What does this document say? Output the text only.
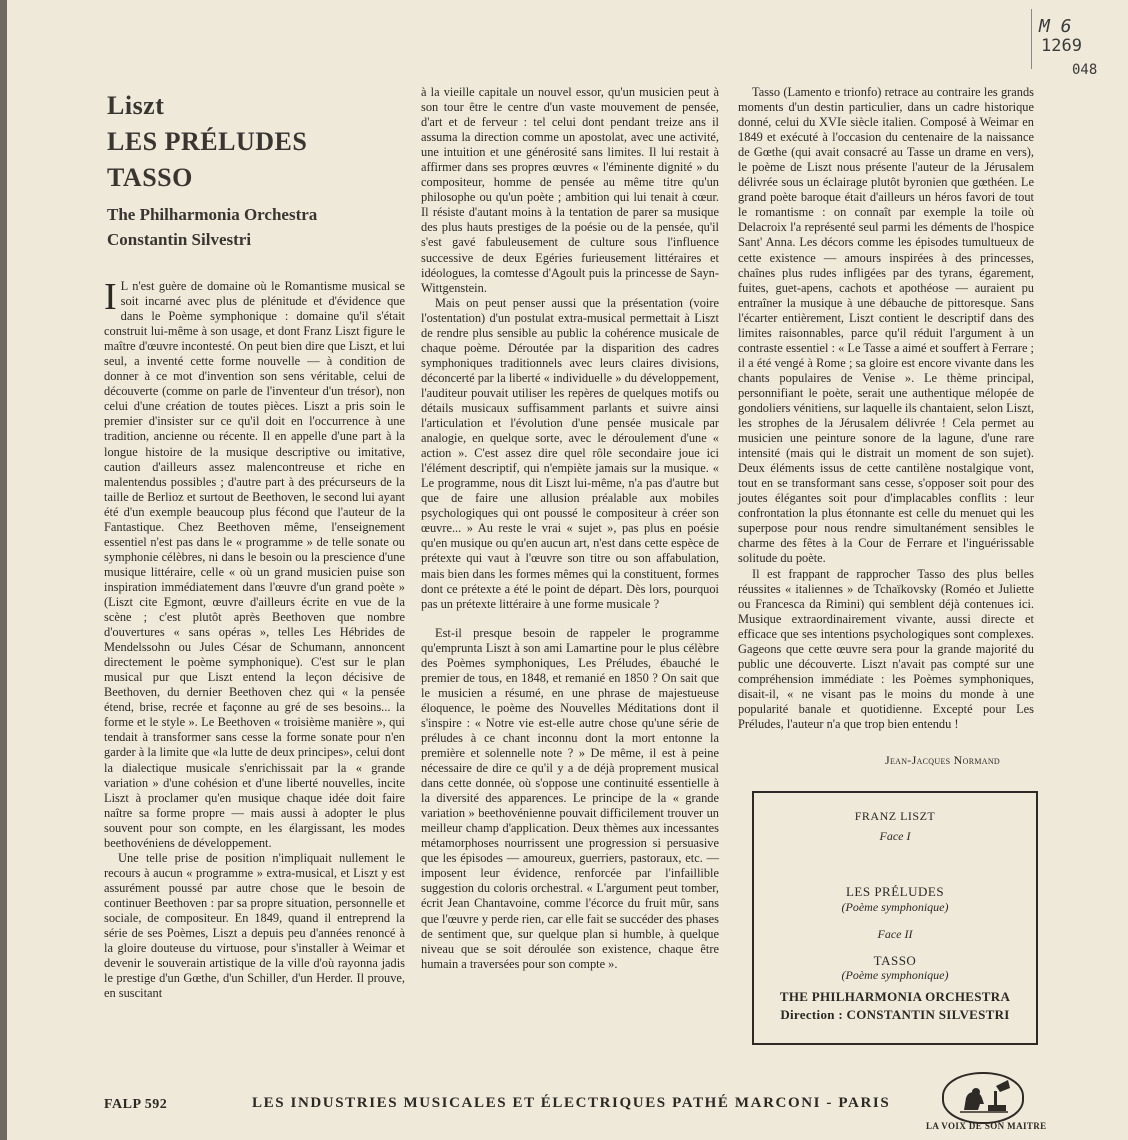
M 6
1269
048
Liszt
LES PRÉLUDES
TASSO
The Philharmonia Orchestra
Constantin Silvestri

I L n'est guère de domaine où le Romantisme musical se soit incarné avec plus de plénitude et d'évidence que dans le Poème symphonique : domaine qu'il s'était construit lui-même à son usage, et dont Franz Liszt figure le maître d'œuvre incontesté. On peut bien dire que Liszt, et lui seul, a inventé cette forme nouvelle — à condition de donner à ce mot d'invention son sens véritable, celui de découverte (comme on parle de l'inventeur d'un trésor), non celui d'une création de toutes pièces. Liszt a pris soin le premier d'insister sur ce qu'il doit en l'occurrence à une tradition, ancienne ou récente. Il en appelle d'une part à la longue histoire de la musique descriptive ou imitative, caution d'ailleurs assez malencontreuse et riche en malentendus possibles ; d'autre part à des précurseurs de la taille de Berlioz et surtout de Beethoven, le second lui ayant été d'un exemple beaucoup plus fécond que l'auteur de la Fantastique. Chez Beethoven même, l'enseignement essentiel n'est pas dans le « programme » de telle sonate ou symphonie célèbres, ni dans le besoin ou la prescience d'une musique littéraire, celle « où un grand musicien puise son inspiration immédiatement dans l'œuvre d'un grand poète » (Liszt cite Egmont, œuvre d'ailleurs écrite en vue de la scène ; c'est plutôt après Beethoven que nombre d'ouvertures « sans opéras », telles Les Hébrides de Mendelssohn ou Jules César de Schumann, annoncent directement le poème symphonique). C'est sur le plan musical pur que Liszt entend la leçon décisive de Beethoven, du dernier Beethoven chez qui « la pensée étend, brise, recrée et façonne au gré de ses besoins... la forme et le style ». Le Beethoven « troisième manière », qui tendait à transformer sans cesse la forme sonate pour n'en garder à la limite que «la lutte de deux principes», celui dont la dialectique musicale s'enrichissait par la « grande variation » d'une cohésion et d'une liberté nouvelles, incite Liszt à proclamer qu'en musique chaque idée doit faire naître sa forme propre — mais aussi à adopter le plus souvent pour son compte, en les élargissant, les modes beethovéniens de développement.

Une telle prise de position n'impliquait nullement le recours à aucun « programme » extra-musical, et Liszt y est assurément poussé par autre chose que le besoin de continuer Beethoven : par sa propre situation, personnelle et sociale, de compositeur. En 1849, quand il entreprend la série de ses Poèmes, Liszt a depuis peu d'années renoncé à la gloire douteuse du virtuose, pour s'installer à Weimar et devenir le souverain artistique de la ville d'où rayonna jadis le prestige d'un Gœthe, d'un Schiller, d'un Herder. Il prouve, en suscitant

à la vieille capitale un nouvel essor, qu'un musicien peut à son tour être le centre d'un vaste mouvement de pensée, d'art et de ferveur : tel celui dont pendant treize ans il assuma la direction comme un apostolat, avec une activité, une intuition et une générosité sans limites. Il lui restait à affirmer dans ses propres œuvres « l'éminente dignité » du compositeur, homme de pensée au même titre qu'un philosophe ou qu'un poète ; ambition qui lui tenait à cœur. Il résiste d'autant moins à la tentation de parer sa musique des plus hauts prestiges de la poésie ou de la pensée, qu'il s'est gavé fabuleusement de culture sous l'influence successive de deux Egéries furieusement littéraires et idéologues, la comtesse d'Agoult puis la princesse de Sayn-Wittgenstein.

Mais on peut penser aussi que la présentation (voire l'ostentation) d'un postulat extra-musical permettait à Liszt de rendre plus sensible au public la cohérence musicale de chaque poème. Déroutée par la disparition des cadres symphoniques traditionnels avec leurs claires divisions, déconcerté par la liberté « individuelle » du développement, l'auditeur pouvait utiliser les repères de quelques motifs ou détails musicaux suffisamment parlants et suivre ainsi l'articulation et l'évolution d'une pensée musicale par analogie, en quelque sorte, avec le déroulement d'une « action ». C'est assez dire quel rôle secondaire joue ici l'élément descriptif, qui n'empiète jamais sur la musique. « Le programme, nous dit Liszt lui-même, n'a pas d'autre but que de faire une allusion préalable aux mobiles psychologiques qui ont poussé le compositeur à créer son œuvre... » Au reste le vrai « sujet », pas plus en poésie qu'en musique ou qu'en aucun art, n'est dans cette espèce de prétexte qui vaut à l'œuvre son titre ou son affabulation, mais bien dans les formes mêmes qui la constituent, formes dont ce prétexte a été le point de départ. Dès lors, pourquoi pas un prétexte littéraire à une forme musicale ?

Est-il presque besoin de rappeler le programme qu'emprunta Liszt à son ami Lamartine pour le plus célèbre des Poèmes symphoniques, Les Préludes, ébauché le premier de tous, en 1848, et remanié en 1850 ? On sait que le musicien a résumé, en une phrase de majestueuse éloquence, le poème des Nouvelles Méditations dont il s'inspire : « Notre vie est-elle autre chose qu'une série de préludes à ce chant inconnu dont la mort entonne la première et solennelle note ? » De même, il est à peine nécessaire de dire ce qu'il y a de déjà proprement musical dans cette donnée, où s'oppose une continuité essentielle à la diversité des apparences. Le principe de la « grande variation » beethovénienne pouvait difficilement trouver un meilleur champ d'application. Deux thèmes aux incessantes métamorphoses nourrissent une progression si persuasive que les épisodes — amoureux, guerriers, pastoraux, etc. — imposent leur évidence, renforcée par l'infaillible suggestion du coloris orchestral. « L'argument peut tomber, écrit Jean Chantavoine, comme l'écorce du fruit mûr, sans que l'œuvre y perde rien, car elle fait se succéder des phases de sentiment que, sur quelque plan si humble, à quelque niveau que se soit déroulée son existence, chaque être humain a traversées pour son compte ».

Tasso (Lamento e trionfo) retrace au contraire les grands moments d'un destin particulier, dans un cadre historique donné, celui du XVIe siècle italien. Composé à Weimar en 1849 et exécuté à l'occasion du centenaire de la naissance de Gœthe (qui avait consacré au Tasse un drame en vers), le poème de Liszt nous présente l'auteur de la Jérusalem délivrée sous un éclairage plutôt byronien que gœthéen. Le grand poète baroque était d'ailleurs un héros favori de tout le romantisme : on connaît par exemple la toile où Delacroix l'a représenté seul parmi les déments de l'hospice Sant' Anna. Les décors comme les épisodes tumultueux de cette existence — amours inspirées à des princesses, chaînes plus rudes infligées par des tyrans, égarement, fuites, guet-apens, cachots et apothéose — auraient pu entraîner la musique à une débauche de pittoresque. Sans l'écarter entièrement, Liszt contient le descriptif dans des limites raisonnables, parce qu'il réduit l'argument à un contraste essentiel : « Le Tasse a aimé et souffert à Ferrare ; il a été vengé à Rome ; sa gloire est encore vivante dans les chants populaires de Venise ». Le thème principal, personnifiant le poète, serait une authentique mélopée de gondoliers vénitiens, sur laquelle ils chantaient, selon Liszt, les strophes de la Jérusalem délivrée ! Cela permet au musicien une peinture sonore de la lagune, d'une rare intensité (mais qui le distrait un moment de son sujet). Deux éléments issus de cette cantilène nostalgique vont, tout en se transformant sans cesse, s'opposer soit pour des joutes élégantes soit pour d'implacables conflits : leur confrontation la plus étonnante est celle du menuet qui les superpose pour nous rendre simultanément sensibles le charme des fêtes à la Cour de Ferrare et l'inguérissable solitude du poète.

Il est frappant de rapprocher Tasso des plus belles réussites « italiennes » de Tchaïkovsky (Roméo et Juliette ou Francesca da Rimini) qui semblent déjà contenues ici. Musique extraordinairement vivante, aussi directe et efficace que ses intentions psychologiques sont complexes. Gageons que cette œuvre sera pour la grande majorité du public une découverte. Liszt n'avait pas compté sur une compréhension immédiate : les Poèmes symphoniques, disait-il, « ne visant pas le moins du monde à une popularité banale et quotidienne. Excepté pour Les Préludes, l'auteur n'a que trop bien entendu !

Jean-Jacques Normand
FRANZ LISZT
Face I
LES PRÉLUDES
(Poème symphonique)
Face II
TASSO
(Poème symphonique)
THE PHILHARMONIA ORCHESTRA
Direction : CONSTANTIN SILVESTRI
FALP 592	LES INDUSTRIES MUSICALES ET ÉLECTRIQUES PATHÉ MARCONI - PARIS
LA VOIX DE SON MAITRE
